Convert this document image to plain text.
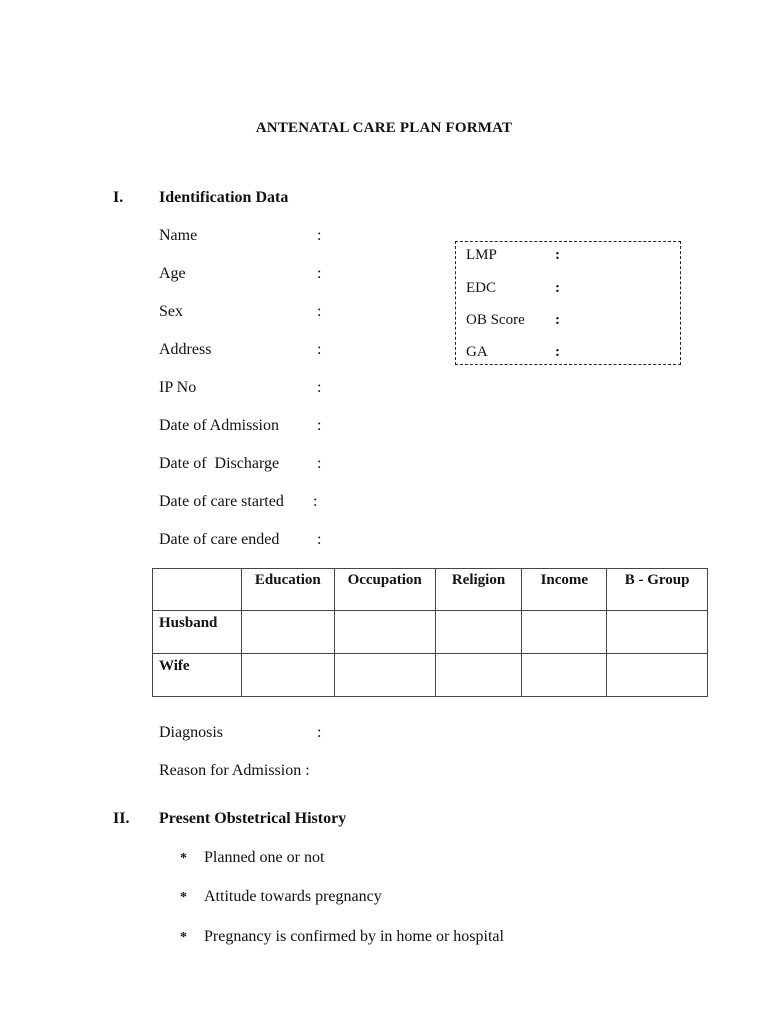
ANTENATAL CARE PLAN FORMAT
I. Identification Data
Name	:
Age	:
Sex	:
Address	:
IP No	:
Date of Admission :
Date of  Discharge :
Date of care started :
Date of care ended :
LMP	:
EDC	:
OB Score :
GA	:
	Education	Occupation	Religion	Income	B - Group
Husband					
Wife					
Diagnosis	:
Reason for Admission :
II. Present Obstetrical History
* Planned one or not
* Attitude towards pregnancy
* Pregnancy is confirmed by in home or hospital
